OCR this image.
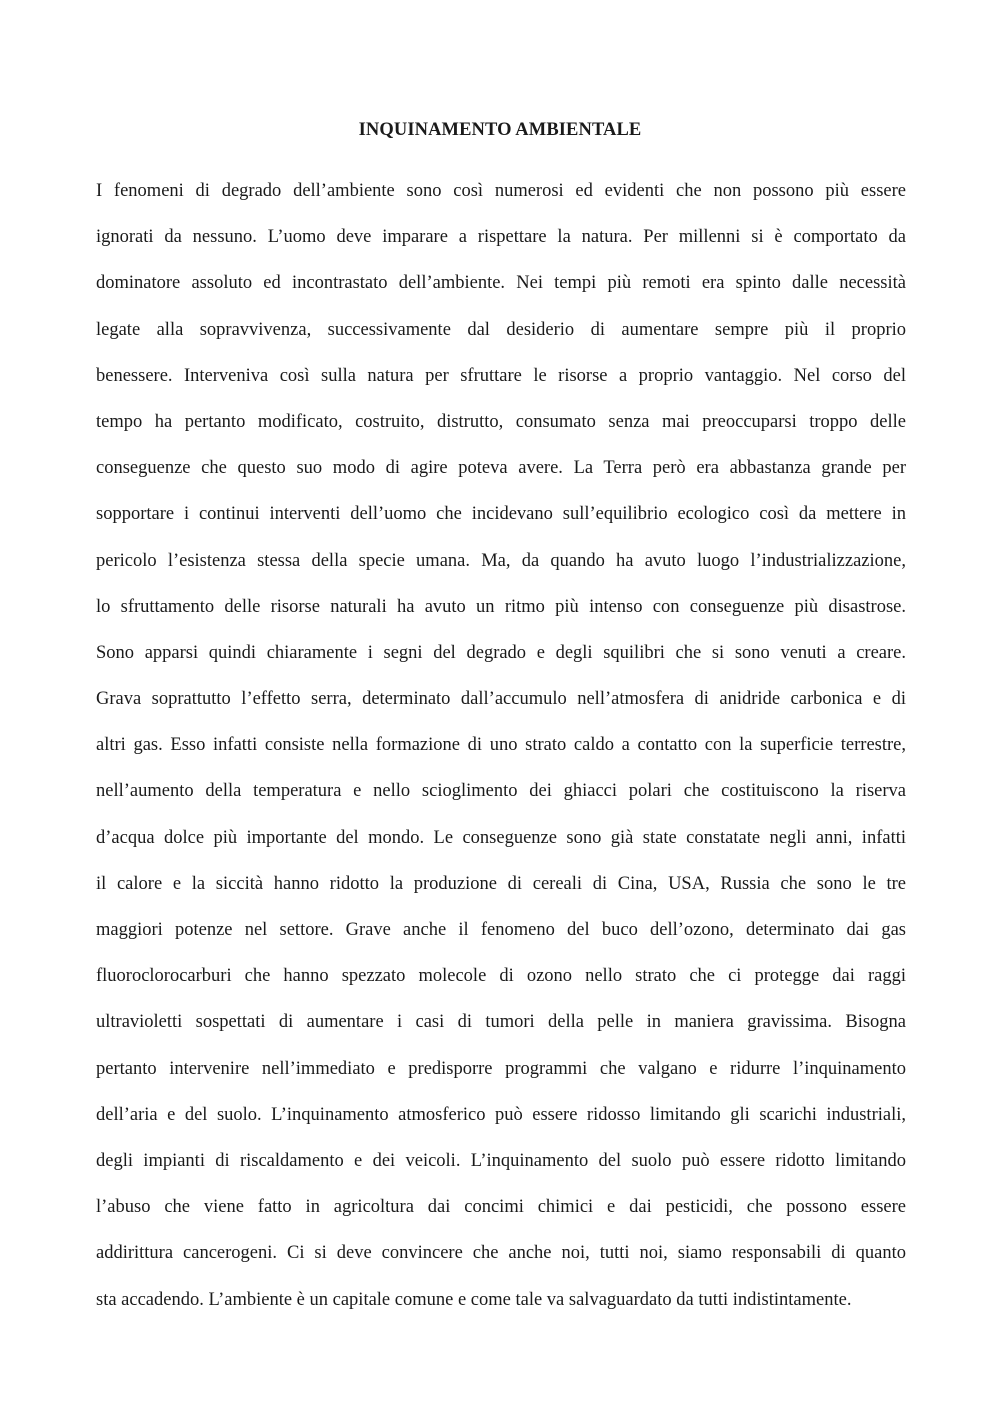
INQUINAMENTO AMBIENTALE
I fenomeni di degrado dell’ambiente sono così numerosi ed evidenti che non possono più essere
ignorati da nessuno. L’uomo deve imparare a rispettare la natura. Per millenni si è comportato da
dominatore assoluto ed incontrastato dell’ambiente. Nei tempi più remoti era spinto dalle necessità
legate alla sopravvivenza, successivamente dal desiderio di aumentare sempre più il proprio
benessere. Interveniva così sulla natura per sfruttare le risorse a proprio vantaggio. Nel corso del
tempo ha pertanto modificato, costruito, distrutto, consumato senza mai preoccuparsi troppo delle
conseguenze che questo suo modo di agire poteva avere. La Terra però era abbastanza grande per
sopportare i continui interventi dell’uomo che incidevano sull’equilibrio ecologico così da mettere in
pericolo l’esistenza stessa della specie umana. Ma, da quando ha avuto luogo l’industrializzazione,
lo sfruttamento delle risorse naturali ha avuto un ritmo più intenso con conseguenze più disastrose.
Sono apparsi quindi chiaramente i segni del degrado e degli squilibri che si sono venuti a creare.
Grava soprattutto l’effetto serra, determinato dall’accumulo nell’atmosfera di anidride carbonica e di
altri gas. Esso infatti consiste nella formazione di uno strato caldo a contatto con la superficie terrestre,
nell’aumento della temperatura e nello scioglimento dei ghiacci polari che costituiscono la riserva
d’acqua dolce più importante del mondo. Le conseguenze sono già state constatate negli anni, infatti
il calore e la siccità hanno ridotto la produzione di cereali di Cina, USA, Russia che sono le tre
maggiori potenze nel settore. Grave anche il fenomeno del buco dell’ozono, determinato dai gas
fluoroclorocarburi che hanno spezzato molecole di ozono nello strato che ci protegge dai raggi
ultravioletti sospettati di aumentare i casi di tumori della pelle in maniera gravissima. Bisogna
pertanto intervenire nell’immediato e predisporre programmi che valgano e ridurre l’inquinamento
dell’aria e del suolo. L’inquinamento atmosferico può essere ridosso limitando gli scarichi industriali,
degli impianti di riscaldamento e dei veicoli. L’inquinamento del suolo può essere ridotto limitando
l’abuso che viene fatto in agricoltura dai concimi chimici e dai pesticidi, che possono essere
addirittura cancerogeni. Ci si deve convincere che anche noi, tutti noi, siamo responsabili di quanto
sta accadendo. L’ambiente è un capitale comune e come tale va salvaguardato da tutti indistintamente.
